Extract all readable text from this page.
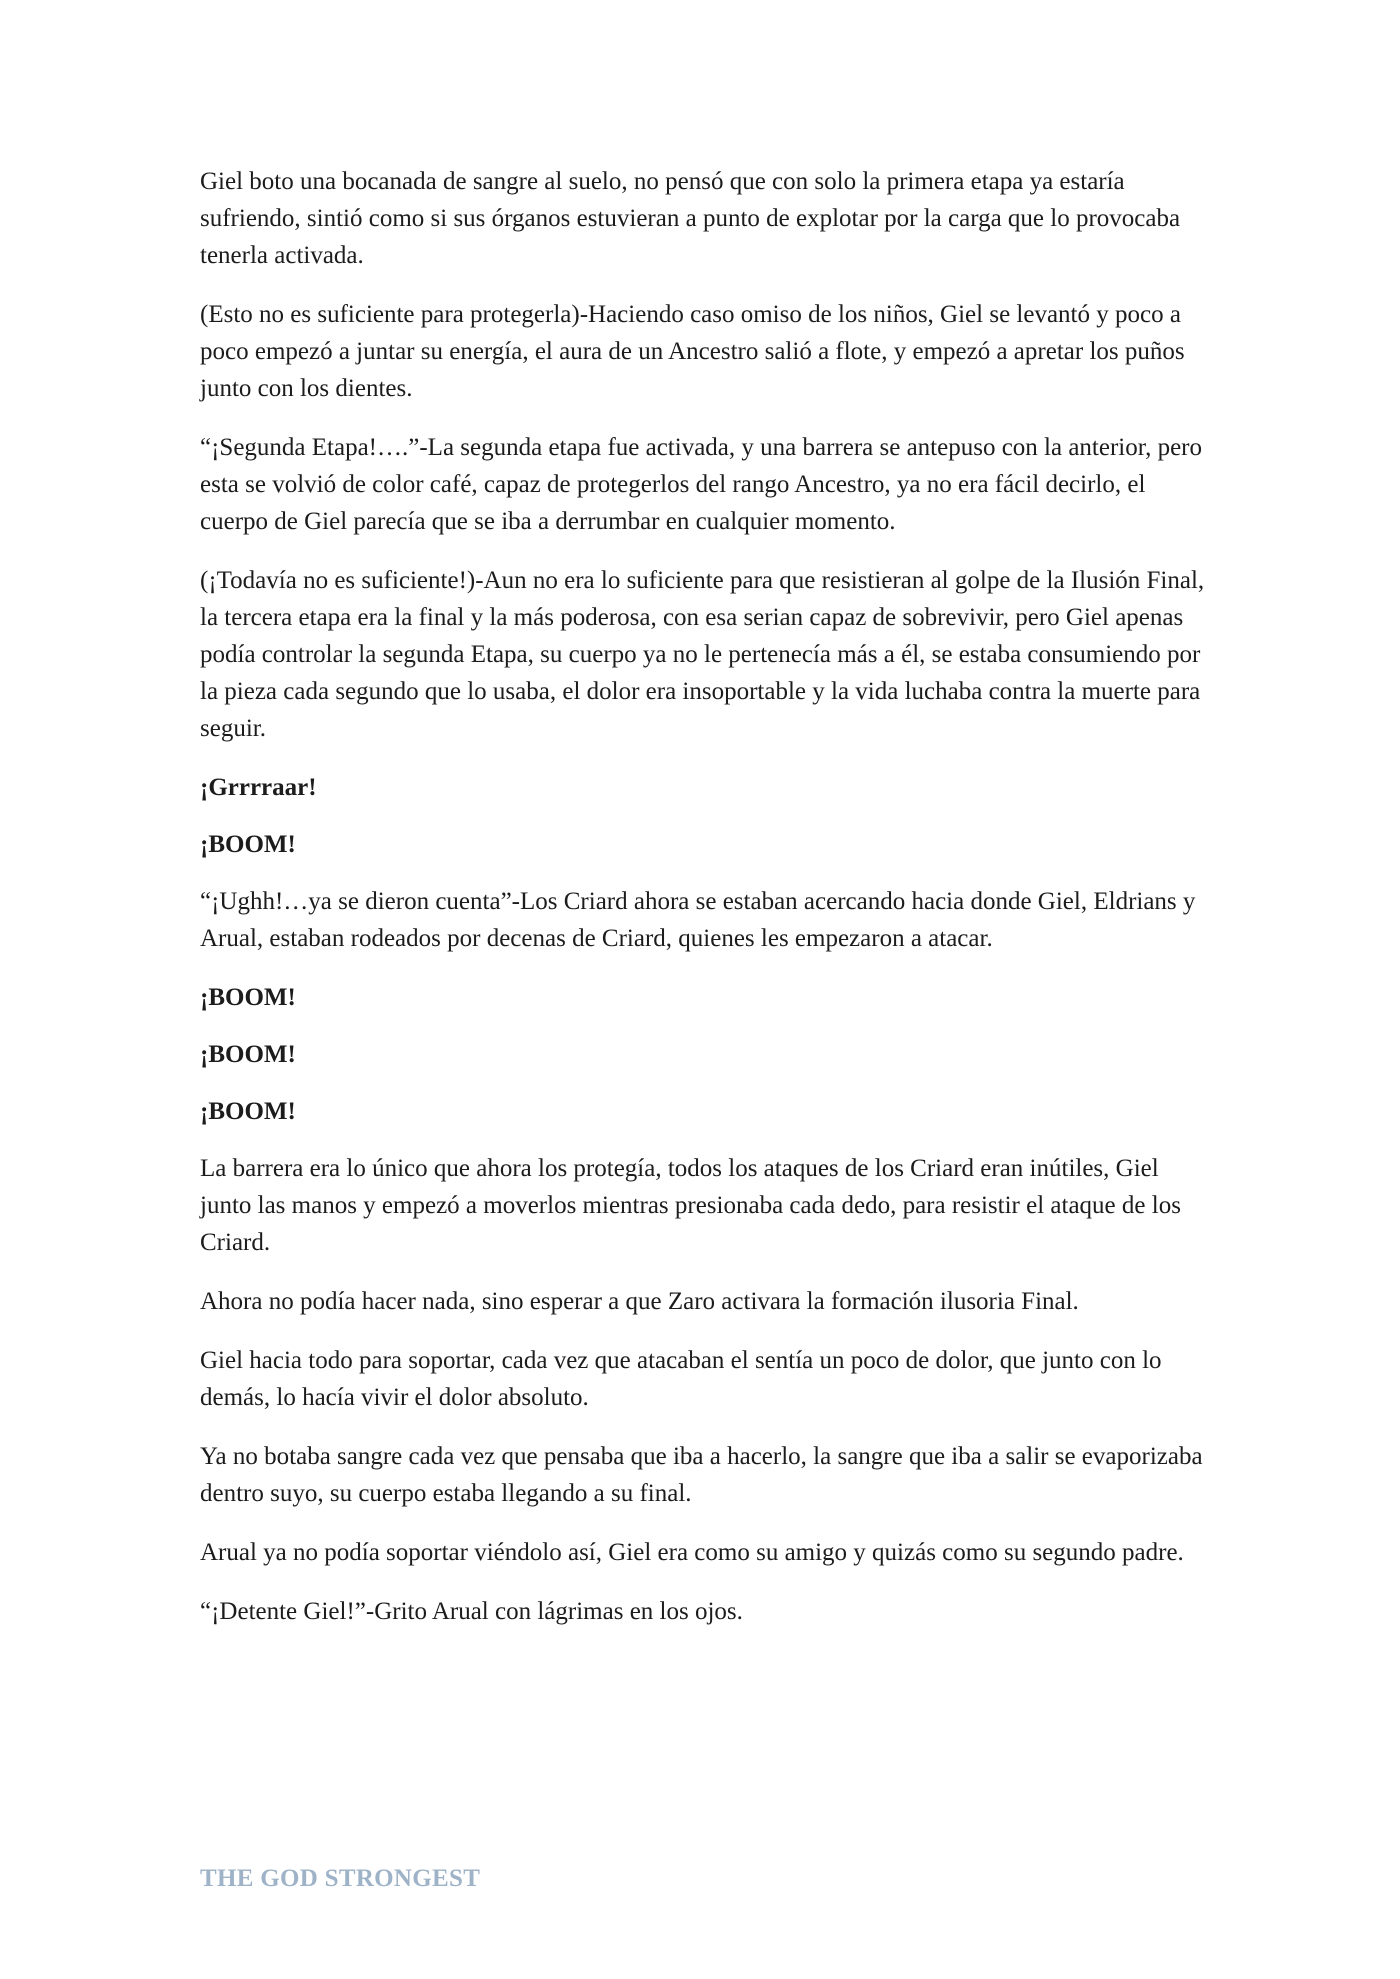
Giel boto una bocanada de sangre al suelo, no pensó que con solo la primera etapa ya estaría sufriendo, sintió como si sus órganos estuvieran a punto de explotar por la carga que lo provocaba tenerla activada.

(Esto no es suficiente para protegerla)-Haciendo caso omiso de los niños, Giel se levantó y poco a poco empezó a juntar su energía, el aura de un Ancestro salió a flote, y empezó a apretar los puños junto con los dientes.

“¡Segunda Etapa!….”-La segunda etapa fue activada, y una barrera se antepuso con la anterior, pero esta se volvió de color café, capaz de protegerlos del rango Ancestro, ya no era fácil decirlo, el cuerpo de Giel parecía que se iba a derrumbar en cualquier momento.

(¡Todavía no es suficiente!)-Aun no era lo suficiente para que resistieran al golpe de la Ilusión Final, la tercera etapa era la final y la más poderosa, con esa serian capaz de sobrevivir, pero Giel apenas podía controlar la segunda Etapa, su cuerpo ya no le pertenecía más a él, se estaba consumiendo por la pieza cada segundo que lo usaba, el dolor era insoportable y la vida luchaba contra la muerte para seguir.

¡Grrrraar!

¡BOOM!

“¡Ughh!…ya se dieron cuenta”-Los Criard ahora se estaban acercando hacia donde Giel, Eldrians y Arual, estaban rodeados por decenas de Criard, quienes les empezaron a atacar.

¡BOOM!

¡BOOM!

¡BOOM!

La barrera era lo único que ahora los protegía, todos los ataques de los Criard eran inútiles, Giel junto las manos y empezó a moverlos mientras presionaba cada dedo, para resistir el ataque de los Criard.

Ahora no podía hacer nada, sino esperar a que Zaro activara la formación ilusoria Final.

Giel hacia todo para soportar, cada vez que atacaban el sentía un poco de dolor, que junto con lo demás, lo hacía vivir el dolor absoluto.

Ya no botaba sangre cada vez que pensaba que iba a hacerlo, la sangre que iba a salir se evaporizaba dentro suyo, su cuerpo estaba llegando a su final.

Arual ya no podía soportar viéndolo así, Giel era como su amigo y quizás como su segundo padre.

“¡Detente Giel!”-Grito Arual con lágrimas en los ojos.

THE GOD STRONGEST
